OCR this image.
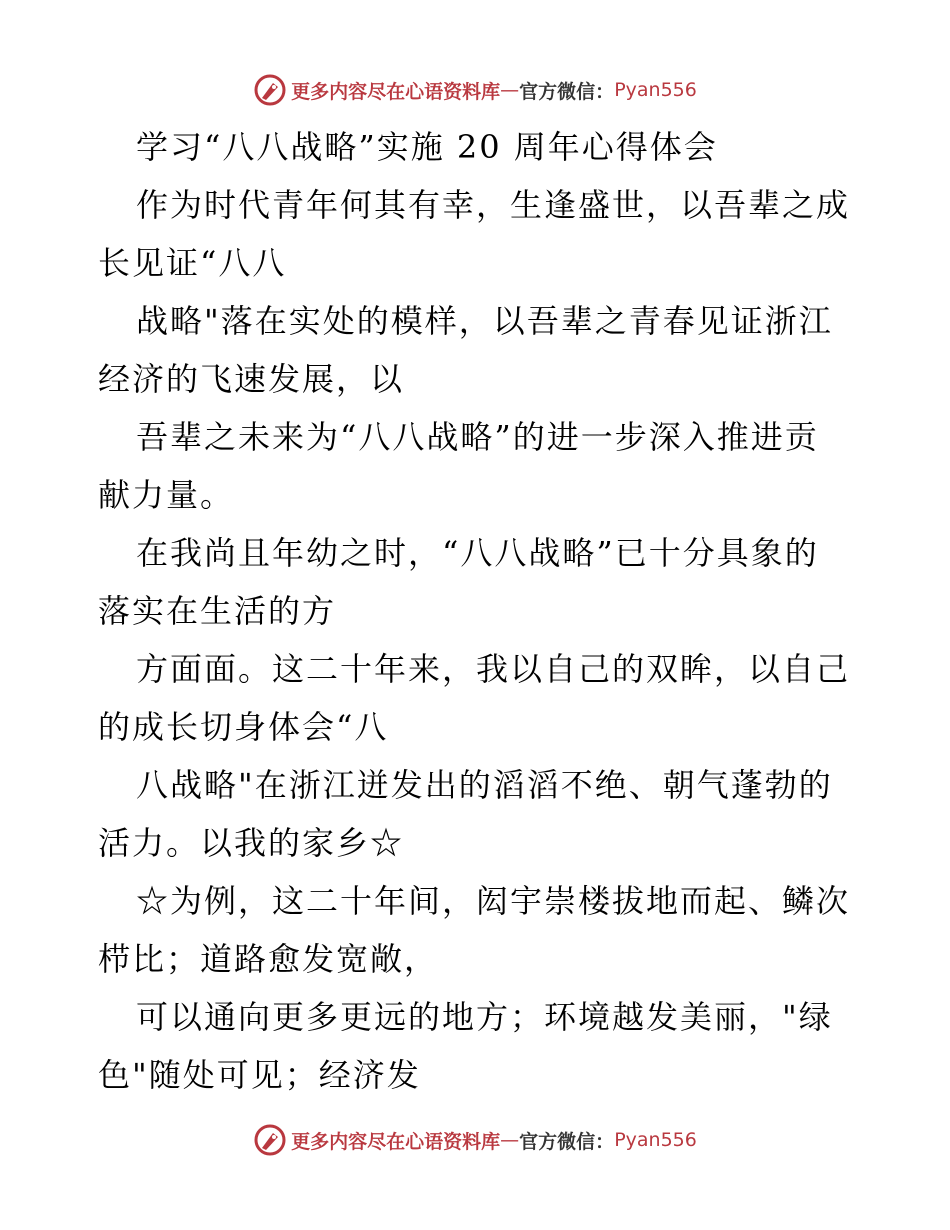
更多内容尽在心语资料库 — 官方微信： Pyan556
学习“八八战略”实施 20 周年心得体会
作为时代青年何其有幸，生逢盛世，以吾辈之成
长见证“八八
战略"落在实处的模样，以吾辈之青春见证浙江
经济的飞速发展，以
吾辈之未来为“八八战略”的进一步深入推进贡
献力量。
在我尚且年幼之时，“八八战略”已十分具象的
落实在生活的方
方面面。这二十年来，我以自己的双眸，以自己
的成长切身体会“八
八战略"在浙江迸发出的滔滔不绝、朝气蓬勃的
活力。以我的家乡☆
☆为例，这二十年间，闳宇崇楼拔地而起、鳞次
栉比；道路愈发宽敞，
可以通向更多更远的地方；环境越发美丽，"绿
色"随处可见；经济发
更多内容尽在心语资料库 — 官方微信： Pyan556
